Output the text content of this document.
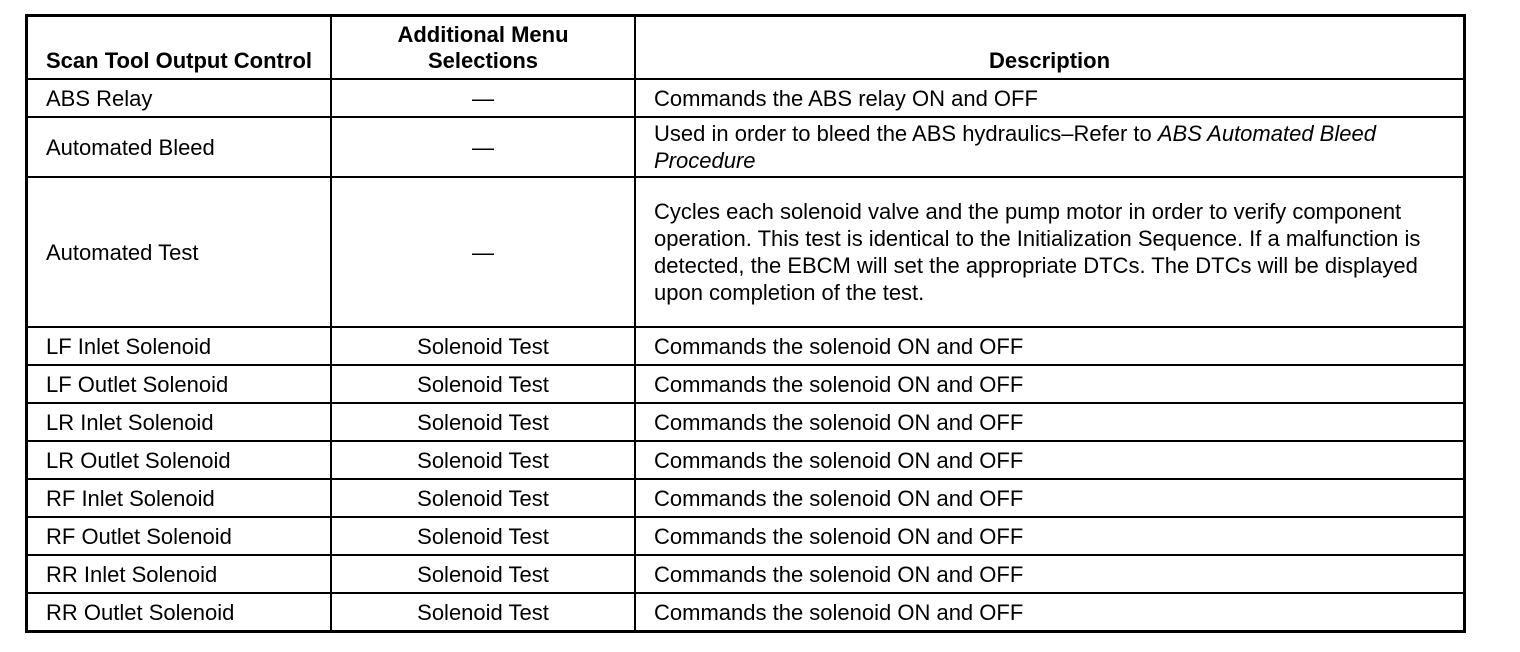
Scan Tool Output Control	Additional Menu Selections	Description
ABS Relay	—	Commands the ABS relay ON and OFF
Automated Bleed	—	Used in order to bleed the ABS hydraulics–Refer to ABS Automated Bleed Procedure
Automated Test	—	Cycles each solenoid valve and the pump motor in order to verify component operation. This test is identical to the Initialization Sequence. If a malfunction is detected, the EBCM will set the appropriate DTCs. The DTCs will be displayed upon completion of the test.
LF Inlet Solenoid	Solenoid Test	Commands the solenoid ON and OFF
LF Outlet Solenoid	Solenoid Test	Commands the solenoid ON and OFF
LR Inlet Solenoid	Solenoid Test	Commands the solenoid ON and OFF
LR Outlet Solenoid	Solenoid Test	Commands the solenoid ON and OFF
RF Inlet Solenoid	Solenoid Test	Commands the solenoid ON and OFF
RF Outlet Solenoid	Solenoid Test	Commands the solenoid ON and OFF
RR Inlet Solenoid	Solenoid Test	Commands the solenoid ON and OFF
RR Outlet Solenoid	Solenoid Test	Commands the solenoid ON and OFF
